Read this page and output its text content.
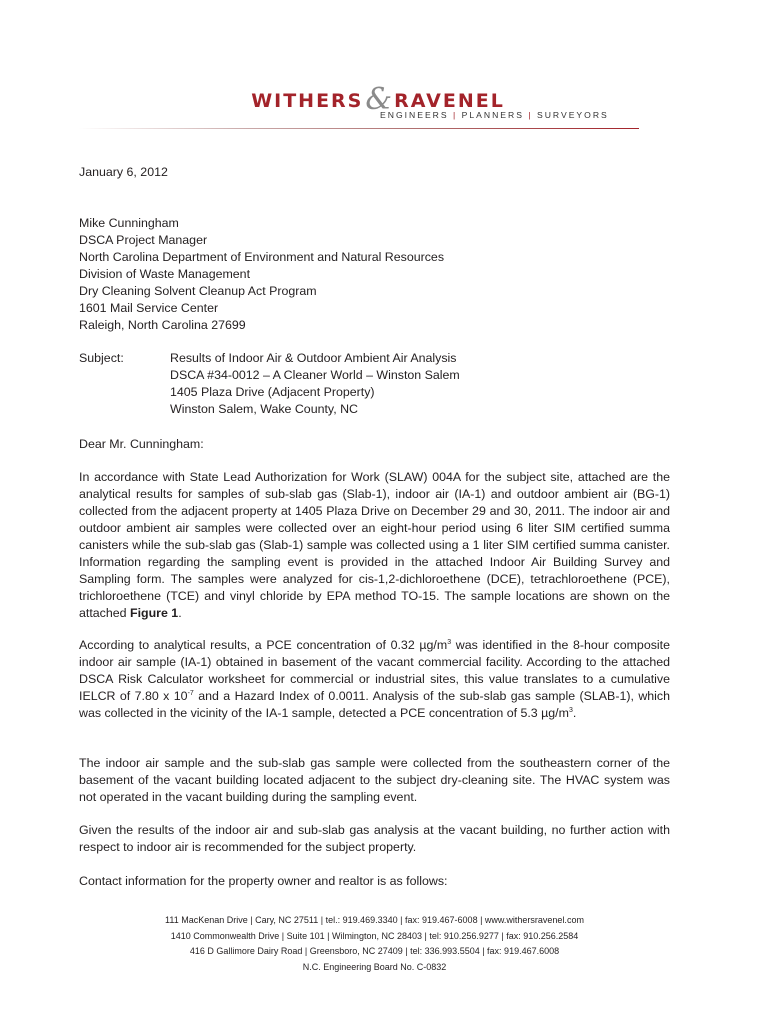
WITHERS& RAVENEL
ENGINEERS | PLANNERS | SURVEYORS

January 6, 2012

Mike Cunningham
DSCA Project Manager
North Carolina Department of Environment and Natural Resources
Division of Waste Management
Dry Cleaning Solvent Cleanup Act Program
1601 Mail Service Center
Raleigh, North Carolina 27699
Subject:	Results of Indoor Air & Outdoor Ambient Air Analysis
DSCA #34-0012 – A Cleaner World – Winston Salem
1405 Plaza Drive (Adjacent Property)
Winston Salem, Wake County, NC

Dear Mr. Cunningham:

In accordance with State Lead Authorization for Work (SLAW) 004A for the subject site, attached are the analytical results for samples of sub-slab gas (Slab-1), indoor air (IA-1) and outdoor ambient air (BG-1) collected from the adjacent property at 1405 Plaza Drive on December 29 and 30, 2011. The indoor air and outdoor ambient air samples were collected over an eight-hour period using 6 liter SIM certified summa canisters while the sub-slab gas (Slab-1) sample was collected using a 1 liter SIM certified summa canister. Information regarding the sampling event is provided in the attached Indoor Air Building Survey and Sampling form. The samples were analyzed for cis-1,2-dichloroethene (DCE), tetrachloroethene (PCE), trichloroethene (TCE) and vinyl chloride by EPA method TO-15. The sample locations are shown on the attached Figure 1.

According to analytical results, a PCE concentration of 0.32 $\mu g/m^3$ was identified in the 8-hour composite indoor air sample (IA-1) obtained in basement of the vacant commercial facility. According to the attached DSCA Risk Calculator worksheet for commercial or industrial sites, this value translates to a cumulative IELCR of 7.80 x $10^{-7}$ and a Hazard Index of 0.0011. Analysis of the sub-slab gas sample (SLAB-1), which was collected in the vicinity of the IA-1 sample, detected a PCE concentration of 5.3 $\mu g/m^3$.

The indoor air sample and the sub-slab gas sample were collected from the southeastern corner of the basement of the vacant building located adjacent to the subject dry-cleaning site. The HVAC system was not operated in the vacant building during the sampling event.

Given the results of the indoor air and sub-slab gas analysis at the vacant building, no further action with respect to indoor air is recommended for the subject property.

Contact information for the property owner and realtor is as follows:

111 MacKenan Drive | Cary, NC 27511 | tel.: 919.469.3340 | fax: 919.467-6008 | www.withersravenel.com
1410 Commonwealth Drive | Suite 101 | Wilmington, NC 28403 | tel: 910.256.9277 | fax: 910.256.2584
416 D Gallimore Dairy Road | Greensboro, NC 27409 | tel: 336.993.5504 | fax: 919.467.6008
N.C. Engineering Board No. C-0832
